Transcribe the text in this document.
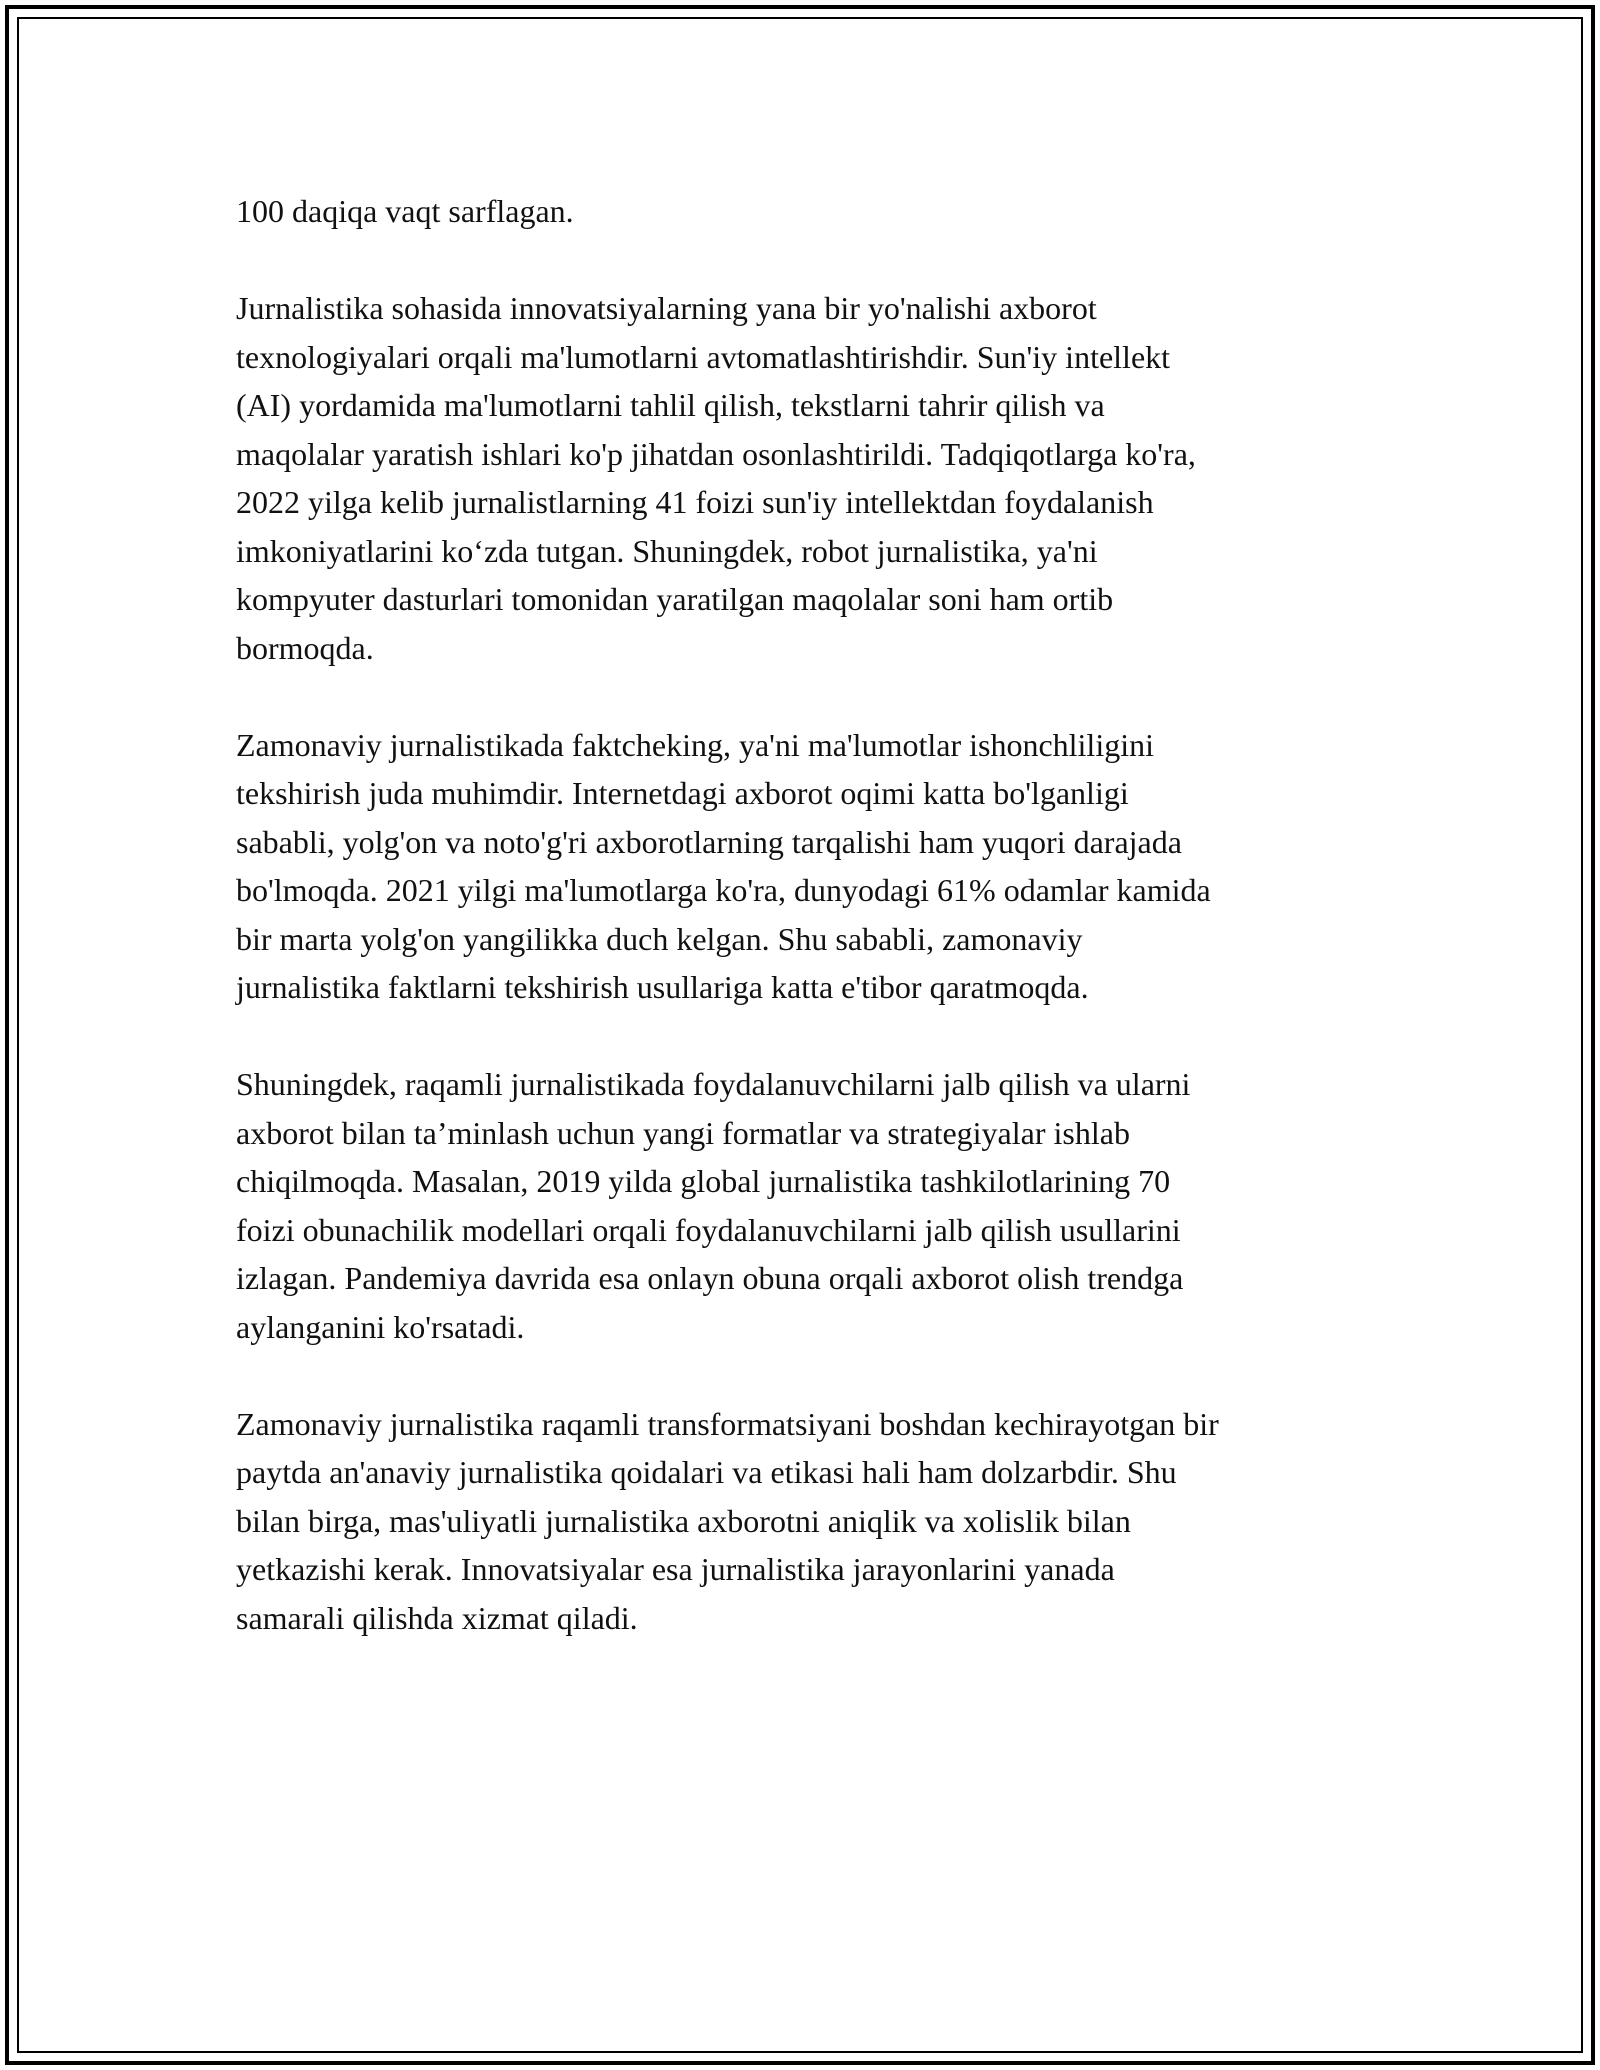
100 daqiqa vaqt sarflagan.

Jurnalistika sohasida innovatsiyalarning yana bir yo'nalishi axborot
texnologiyalari orqali ma'lumotlarni avtomatlashtirishdir. Sun'iy intellekt
(AI) yordamida ma'lumotlarni tahlil qilish, tekstlarni tahrir qilish va
maqolalar yaratish ishlari ko'p jihatdan osonlashtirildi. Tadqiqotlarga ko'ra,
2022 yilga kelib jurnalistlarning 41 foizi sun'iy intellektdan foydalanish
imkoniyatlarini ko‘zda tutgan. Shuningdek, robot jurnalistika, ya'ni
kompyuter dasturlari tomonidan yaratilgan maqolalar soni ham ortib
bormoqda.

Zamonaviy jurnalistikada faktcheking, ya'ni ma'lumotlar ishonchliligini
tekshirish juda muhimdir. Internetdagi axborot oqimi katta bo'lganligi
sababli, yolg'on va noto'g'ri axborotlarning tarqalishi ham yuqori darajada
bo'lmoqda. 2021 yilgi ma'lumotlarga ko'ra, dunyodagi 61% odamlar kamida
bir marta yolg'on yangilikka duch kelgan. Shu sababli, zamonaviy
jurnalistika faktlarni tekshirish usullariga katta e'tibor qaratmoqda.

Shuningdek, raqamli jurnalistikada foydalanuvchilarni jalb qilish va ularni
axborot bilan ta’minlash uchun yangi formatlar va strategiyalar ishlab
chiqilmoqda. Masalan, 2019 yilda global jurnalistika tashkilotlarining 70
foizi obunachilik modellari orqali foydalanuvchilarni jalb qilish usullarini
izlagan. Pandemiya davrida esa onlayn obuna orqali axborot olish trendga
aylanganini ko'rsatadi.

Zamonaviy jurnalistika raqamli transformatsiyani boshdan kechirayotgan bir
paytda an'anaviy jurnalistika qoidalari va etikasi hali ham dolzarbdir. Shu
bilan birga, mas'uliyatli jurnalistika axborotni aniqlik va xolislik bilan
yetkazishi kerak. Innovatsiyalar esa jurnalistika jarayonlarini yanada
samarali qilishda xizmat qiladi.
